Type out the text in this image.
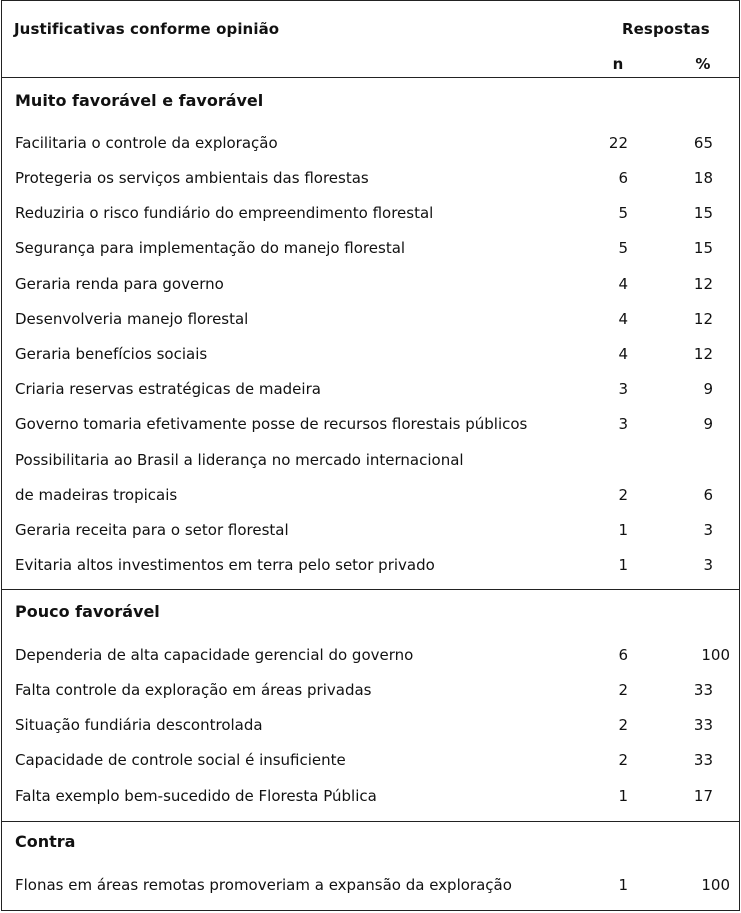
Justificativas conforme opinião	Respostas
n	%
Muito favorável e favorável
Facilitaria o controle da exploração	22	65
Protegeria os serviços ambientais das florestas	6	18
Reduziria o risco fundiário do empreendimento florestal	5	15
Segurança para implementação do manejo florestal	5	15
Geraria renda para governo	4	12
Desenvolveria manejo florestal	4	12
Geraria benefícios sociais	4	12
Criaria reservas estratégicas de madeira	3	9
Governo tomaria efetivamente posse de recursos florestais públicos	3	9
Possibilitaria ao Brasil a liderança no mercado internacional
de madeiras tropicais	2	6
Geraria receita para o setor florestal	1	3
Evitaria altos investimentos em terra pelo setor privado	1	3
Pouco favorável
Dependeria de alta capacidade gerencial do governo	6	100
Falta controle da exploração em áreas privadas	2	33
Situação fundiária descontrolada	2	33
Capacidade de controle social é insuficiente	2	33
Falta exemplo bem-sucedido de Floresta Pública	1	17
Contra
Flonas em áreas remotas promoveriam a expansão da exploração	1	100
